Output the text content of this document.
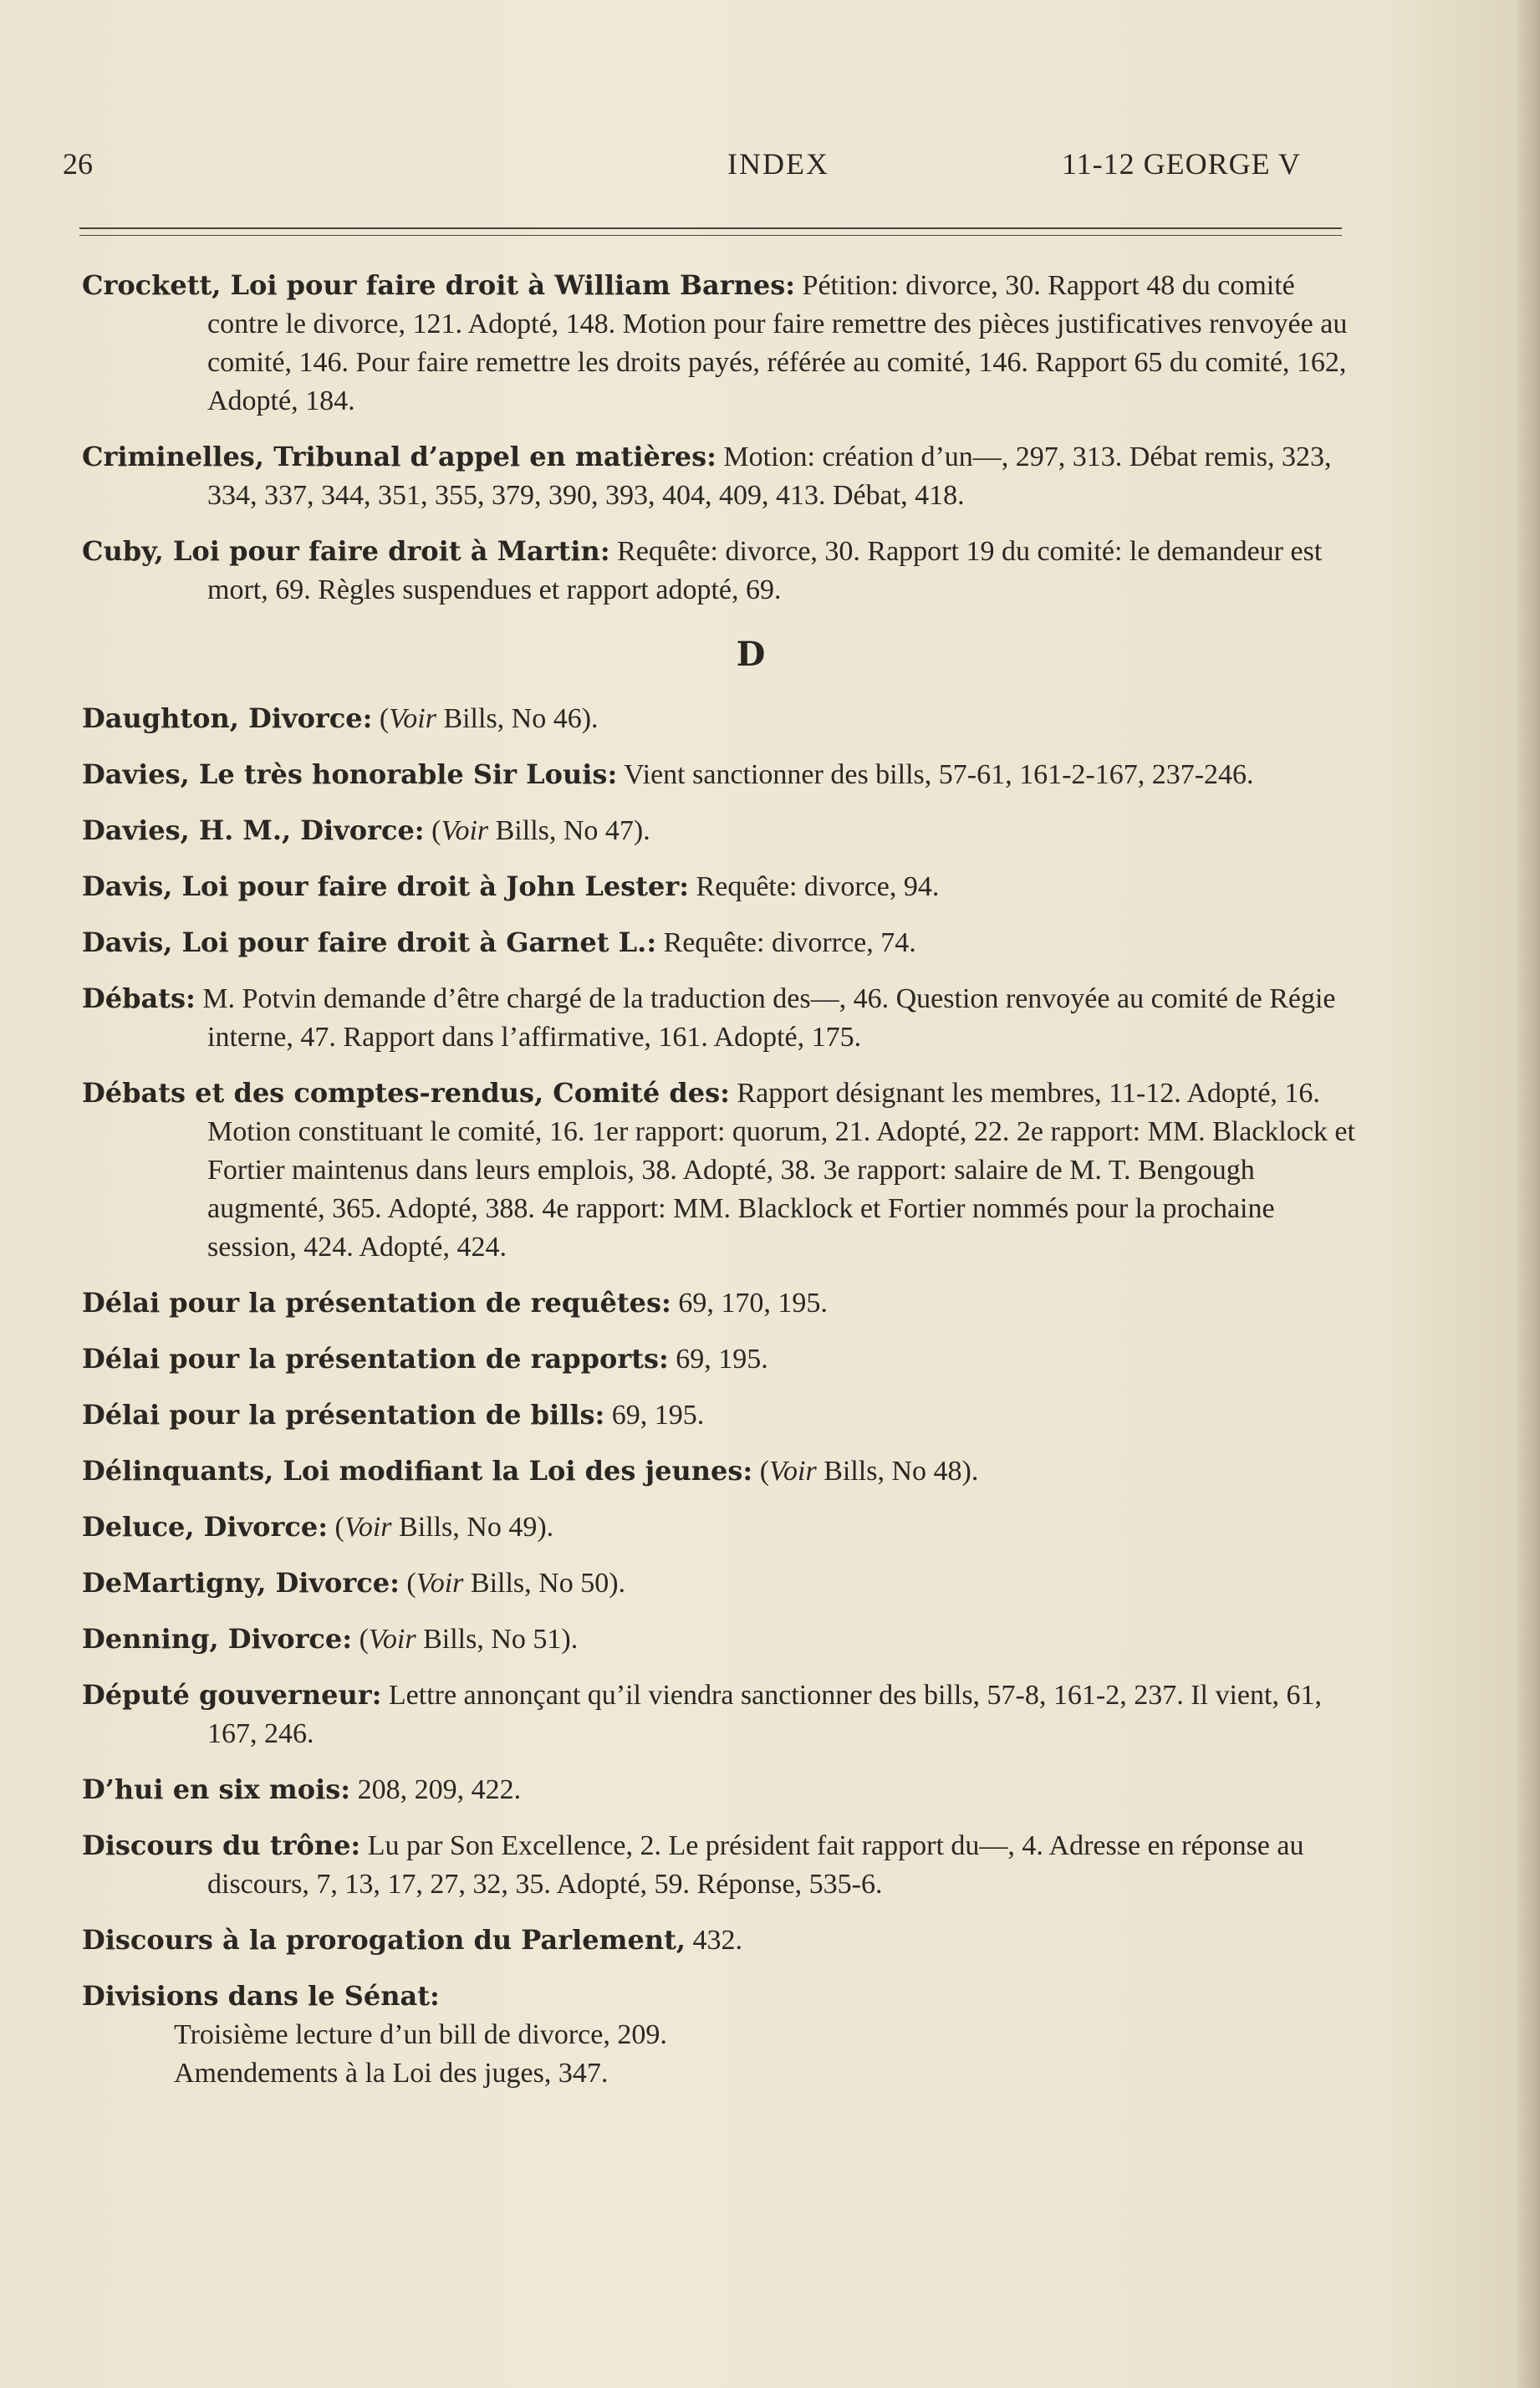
26	INDEX	11-12 GEORGE V
Crockett, Loi pour faire droit à William Barnes: Pétition: divorce, 30. Rapport 48 du comité contre le divorce, 121. Adopté, 148. Motion pour faire remettre des pièces justificatives renvoyée au comité, 146. Pour faire remettre les droits payés, référée au comité, 146. Rapport 65 du comité, 162, Adopté, 184.
Criminelles, Tribunal d’appel en matières: Motion: création d’un—, 297, 313. Débat remis, 323, 334, 337, 344, 351, 355, 379, 390, 393, 404, 409, 413. Débat, 418.
Cuby, Loi pour faire droit à Martin: Requête: divorce, 30. Rapport 19 du comité: le demandeur est mort, 69. Règles suspendues et rapport adopté, 69.
D
Daughton, Divorce: (Voir Bills, No 46).
Davies, Le très honorable Sir Louis: Vient sanctionner des bills, 57-61, 161-2-167, 237-246.
Davies, H. M., Divorce: (Voir Bills, No 47).
Davis, Loi pour faire droit à John Lester: Requête: divorce, 94.
Davis, Loi pour faire droit à Garnet L.: Requête: divorrce, 74.
Débats: M. Potvin demande d’être chargé de la traduction des—, 46. Question renvoyée au comité de Régie interne, 47. Rapport dans l’affirmative, 161. Adopté, 175.
Débats et des comptes-rendus, Comité des: Rapport désignant les membres, 11-12. Adopté, 16. Motion constituant le comité, 16. 1er rapport: quorum, 21. Adopté, 22. 2e rapport: MM. Blacklock et Fortier maintenus dans leurs emplois, 38. Adopté, 38. 3e rapport: salaire de M. T. Bengough augmenté, 365. Adopté, 388. 4e rapport: MM. Blacklock et Fortier nommés pour la prochaine session, 424. Adopté, 424.
Délai pour la présentation de requêtes: 69, 170, 195.
Délai pour la présentation de rapports: 69, 195.
Délai pour la présentation de bills: 69, 195.
Délinquants, Loi modifiant la Loi des jeunes: (Voir Bills, No 48).
Deluce, Divorce: (Voir Bills, No 49).
DeMartigny, Divorce: (Voir Bills, No 50).
Denning, Divorce: (Voir Bills, No 51).
Député gouverneur: Lettre annonçant qu’il viendra sanctionner des bills, 57-8, 161-2, 237. Il vient, 61, 167, 246.
D’hui en six mois: 208, 209, 422.
Discours du trône: Lu par Son Excellence, 2. Le président fait rapport du—, 4. Adresse en réponse au discours, 7, 13, 17, 27, 32, 35. Adopté, 59. Réponse, 535-6.
Discours à la prorogation du Parlement, 432.
Divisions dans le Sénat:
Troisième lecture d’un bill de divorce, 209.
Amendements à la Loi des juges, 347.
